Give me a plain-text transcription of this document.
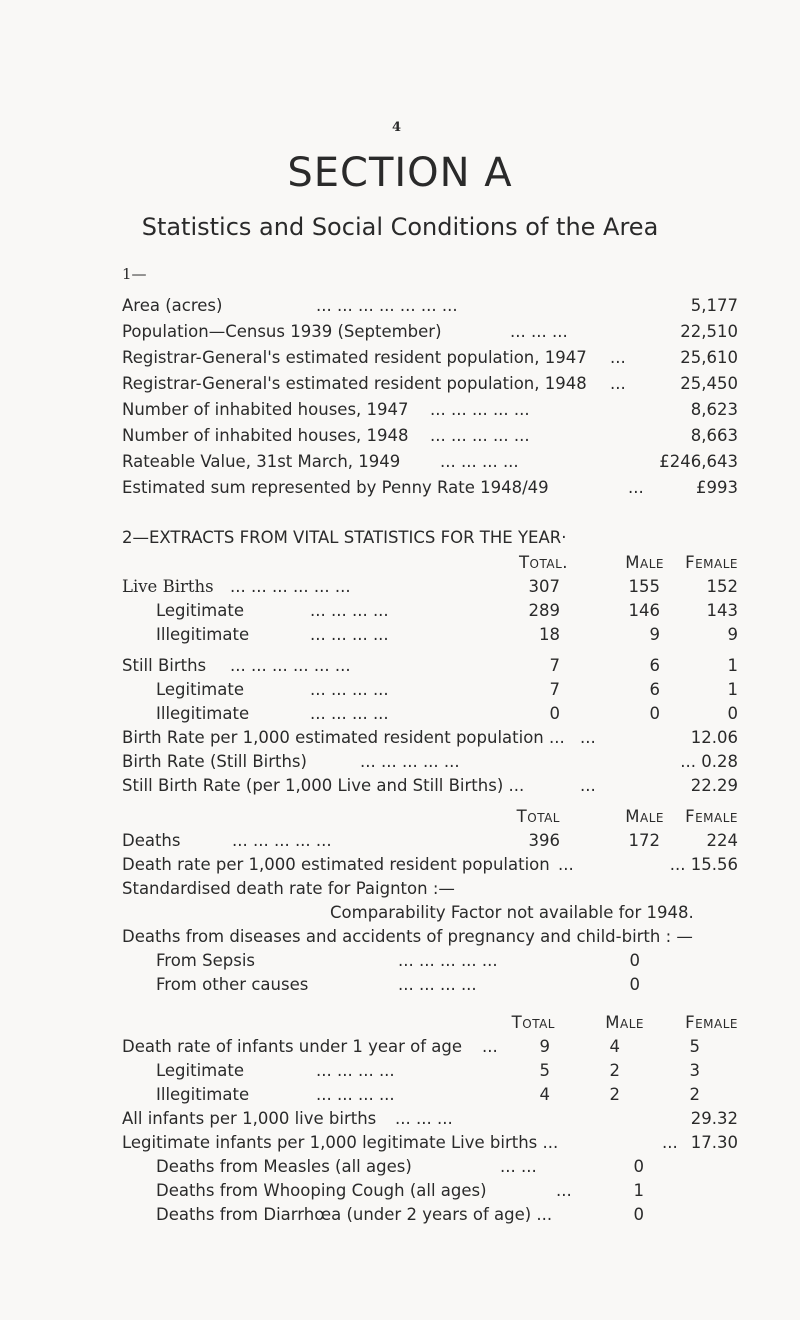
4
SECTION A
Statistics and Social Conditions of the Area
1—
Area (acres)	... ... ... ... ... ... ...	5,177
Population—Census 1939 (September)	... ... ...	22,510
Registrar-General's estimated resident population, 1947 ...	25,610
Registrar-General's estimated resident population, 1948 ...	25,450
Number of inhabited houses, 1947 ... ... ... ... ...	8,623
Number of inhabited houses, 1948 ... ... ... ... ...	8,663
Rateable Value, 31st March, 1949 ... ... ... ...	£246,643
Estimated sum represented by Penny Rate 1948/49	...	£993
2—EXTRACTS FROM VITAL STATISTICS FOR THE YEAR·
Total.	Male	Female
Live Births ... ... ... ... ... ...	307	155	152
Legitimate	... ... ... ...	289	146	143
Illegitimate	... ... ... ...	18	9	9
Still Births ... ... ... ... ... ...	7	6	1
Legitimate	... ... ... ...	7	6	1
Illegitimate	... ... ... ...	0	0	0
Birth Rate per 1,000 estimated resident population ... ...	12.06
Birth Rate (Still Births)	... ... ... ... ...	... 0.28
Still Birth Rate (per 1,000 Live and Still Births) ...	...	22.29
Total	Male	Female
Deaths	... ... ... ... ...	396	172	224
Death rate per 1,000 estimated resident population ...	... 15.56
Standardised death rate for Paignton :—
Comparability Factor not available for 1948.
Deaths from diseases and accidents of pregnancy and child-birth : —
From Sepsis	... ... ... ... ...	0
From other causes	... ... ... ...	0
Total	Male	Female
Death rate of infants under 1 year of age ...	9	4	5
Legitimate	... ... ... ...	5	2	3
Illegitimate	... ... ... ...	4	2	2
All infants per 1,000 live births ... ... ...	29.32
Legitimate infants per 1,000 legitimate Live births ...	... 17.30
Deaths from Measles (all ages)	... ...	0
Deaths from Whooping Cough (all ages)	...	1
Deaths from Diarrhœa (under 2 years of age) ...	0
